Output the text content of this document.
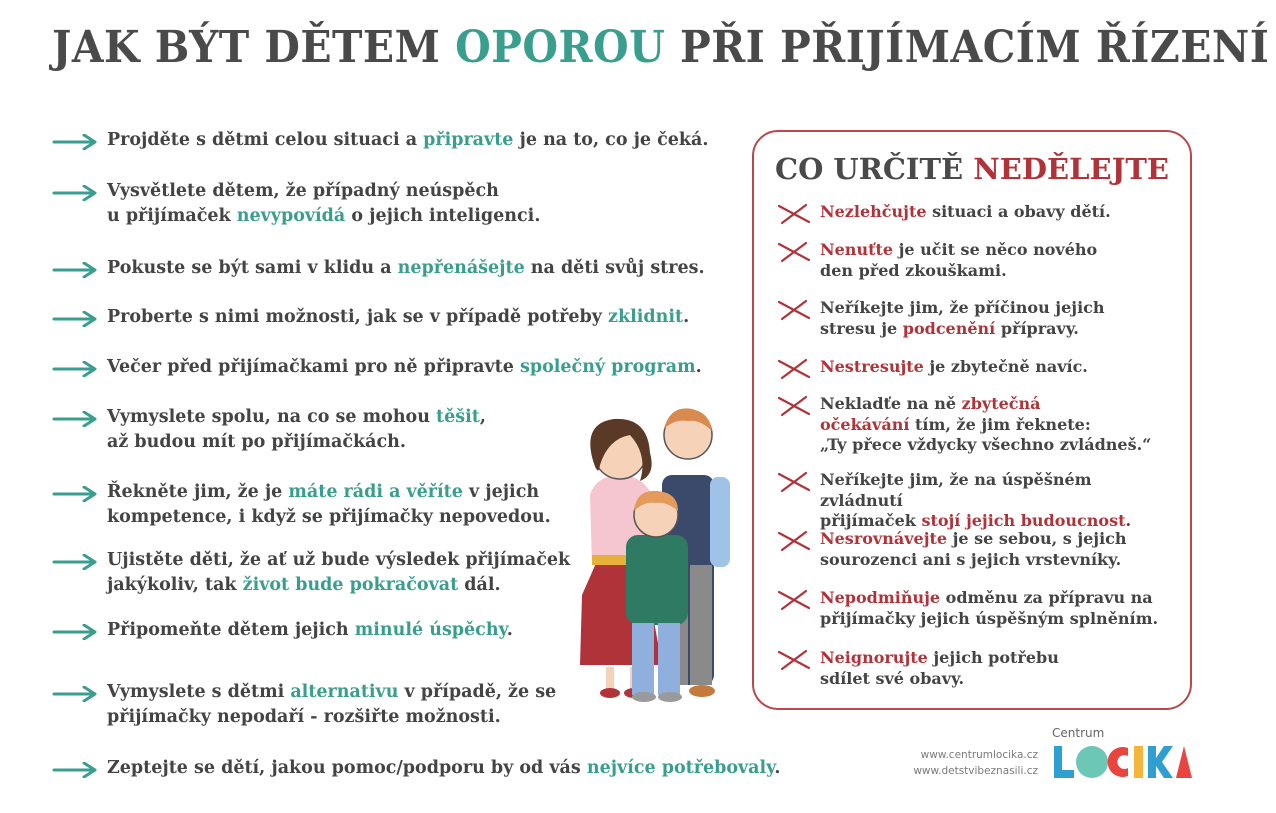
JAK BÝT DĚTEM OPOROU PŘI PŘIJÍMACÍM ŘÍZENÍ
Projděte s dětmi celou situaci a připravte je na to, co je čeká.
Vysvětlete dětem, že případný neúspěch
u přijímaček nevypovídá o jejich inteligenci.
Pokuste se být sami v klidu a nepřenášejte na děti svůj stres.
Proberte s nimi možnosti, jak se v případě potřeby zklidnit.
Večer před přijímačkami pro ně připravte společný program.
Vymyslete spolu, na co se mohou těšit,
až budou mít po přijímačkách.
Řekněte jim, že je máte rádi a věříte v jejich
kompetence, i když se přijímačky nepovedou.
Ujistěte děti, že ať už bude výsledek přijímaček
jakýkoliv, tak život bude pokračovat dál.
Připomeňte dětem jejich minulé úspěchy.
Vymyslete s dětmi alternativu v případě, že se
přijímačky nepodaří - rozšiřte možnosti.
Zeptejte se dětí, jakou pomoc/podporu by od vás nejvíce potřebovaly.
CO URČITĚ NEDĚLEJTE
Nezlehčujte situaci a obavy dětí.
Nenuťte je učit se něco nového
den před zkouškami.
Neříkejte jim, že příčinou jejich
stresu je podcenění přípravy.
Nestresujte je zbytečně navíc.
Nekladťe na ně zbytečná
očekávání tím, že jim řeknete:
„Ty přece vždycky všechno zvládneš.“
Neříkejte jim, že na úspěšném zvládnutí
přijímaček stojí jejich budoucnost.
Nesrovnávejte je se sebou, s jejich
sourozenci ani s jejich vrstevníky.
Nepodmiňuje odměnu za přípravu na
přijímačky jejich úspěšným splněním.
Neignorujte jejich potřebu
sdílet své obavy.
www.centrumlocika.cz
www.detstvibeznasili.cz
Centrum
